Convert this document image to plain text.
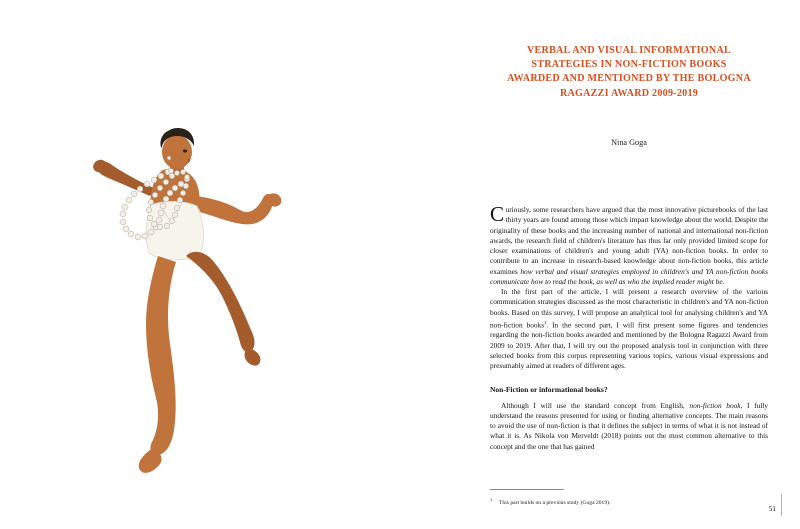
VERBAL AND VISUAL INFORMATIONAL
STRATEGIES IN NON-FICTION BOOKS
AWARDED AND MENTIONED BY THE BOLOGNA
RAGAZZI AWARD 2009-2019
Nina Goga

Curiously, some researchers have argued that the most innovative picturebooks of the last thirty years are found among those which impart knowledge about the world. Despite the originality of these books and the increasing number of national and international non-fiction awards, the research field of children's literature has thus far only provided limited scope for closer examinations of children's and young adult (YA) non-fiction books. In order to contribute to an increase in research-based knowledge about non-fiction books, this article examines how verbal and visual strategies employed in children's and YA non-fiction books communicate how to read the book, as well as who the implied reader might be.

In the first part of the article, I will present a research overview of the various communication strategies discussed as the most characteristic in children's and YA non-fiction books. Based on this survey, I will propose an analytical tool for analysing children's and YA non-fiction books$^1$. In the second part, I will first present some figures and tendencies regarding the non-fiction books awarded and mentioned by the Bologna Ragazzi Award from 2009 to 2019. After that, I will try out the proposed analysis tool in conjunction with three selected books from this corpus representing various topics, various visual expressions and presumably aimed at readers of different ages.

Non-Fiction or informational books?

Although I will use the standard concept from English, non-fiction book, I fully understand the reasons presented for using or finding alternative concepts. The main reasons to avoid the use of non-fiction is that it defines the subject in terms of what it is not instead of what it is. As Nikola von Merveldt (2018) points out the most common alternative to this concept and the one that has gained

$^1$This part builds on a previous study (Goga 2019).
51
